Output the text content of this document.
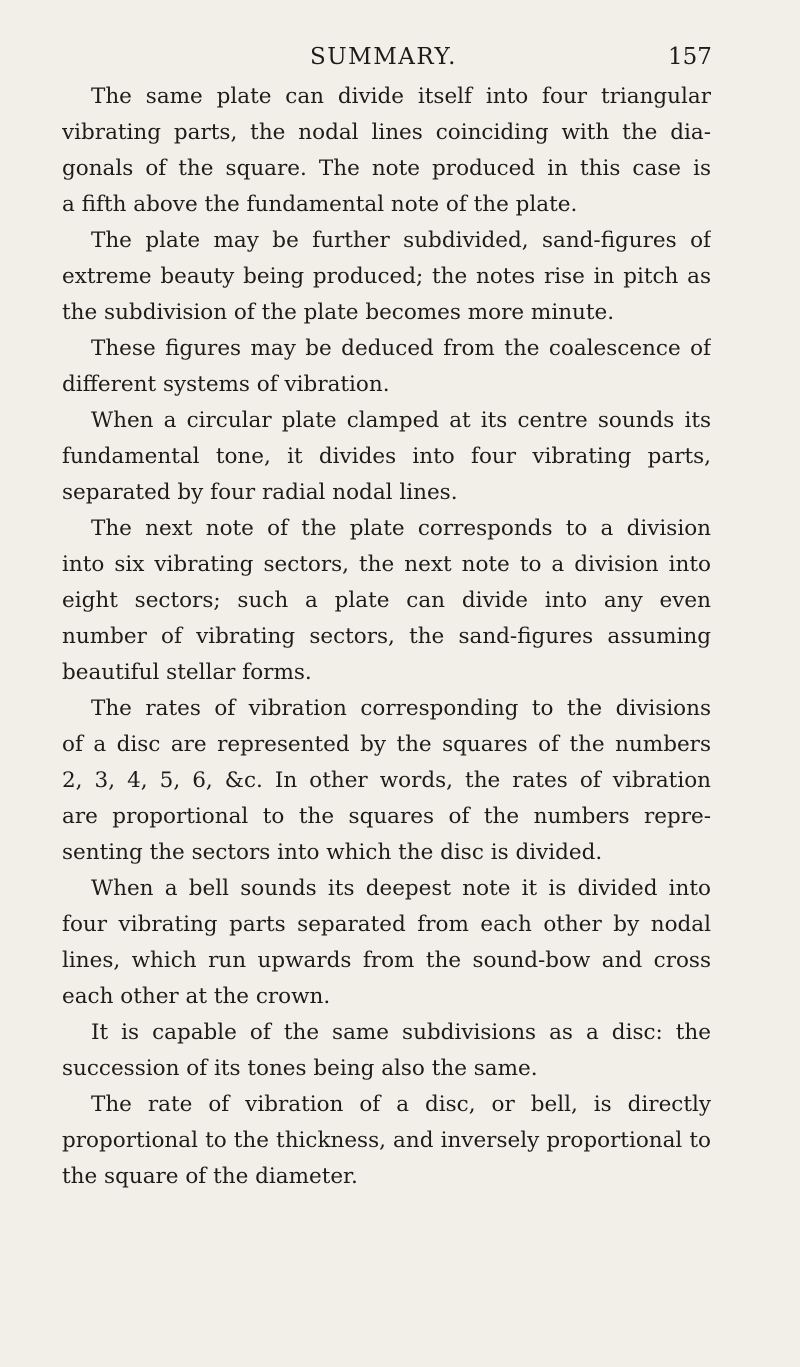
SUMMARY.	157
The same plate can divide itself into four triangular
vibrating parts, the nodal lines coinciding with the dia-
gonals of the square. The note produced in this case is
a fifth above the fundamental note of the plate.
The plate may be further subdivided, sand-figures of
extreme beauty being produced; the notes rise in pitch as
the subdivision of the plate becomes more minute.
These figures may be deduced from the coalescence of
different systems of vibration.
When a circular plate clamped at its centre sounds its
fundamental tone, it divides into four vibrating parts,
separated by four radial nodal lines.
The next note of the plate corresponds to a division
into six vibrating sectors, the next note to a division into
eight sectors; such a plate can divide into any even
number of vibrating sectors, the sand-figures assuming
beautiful stellar forms.
The rates of vibration corresponding to the divisions
of a disc are represented by the squares of the numbers
2, 3, 4, 5, 6, &c. In other words, the rates of vibration
are proportional to the squares of the numbers repre-
senting the sectors into which the disc is divided.
When a bell sounds its deepest note it is divided into
four vibrating parts separated from each other by nodal
lines, which run upwards from the sound-bow and cross
each other at the crown.
It is capable of the same subdivisions as a disc: the
succession of its tones being also the same.
The rate of vibration of a disc, or bell, is directly
proportional to the thickness, and inversely proportional to
the square of the diameter.
